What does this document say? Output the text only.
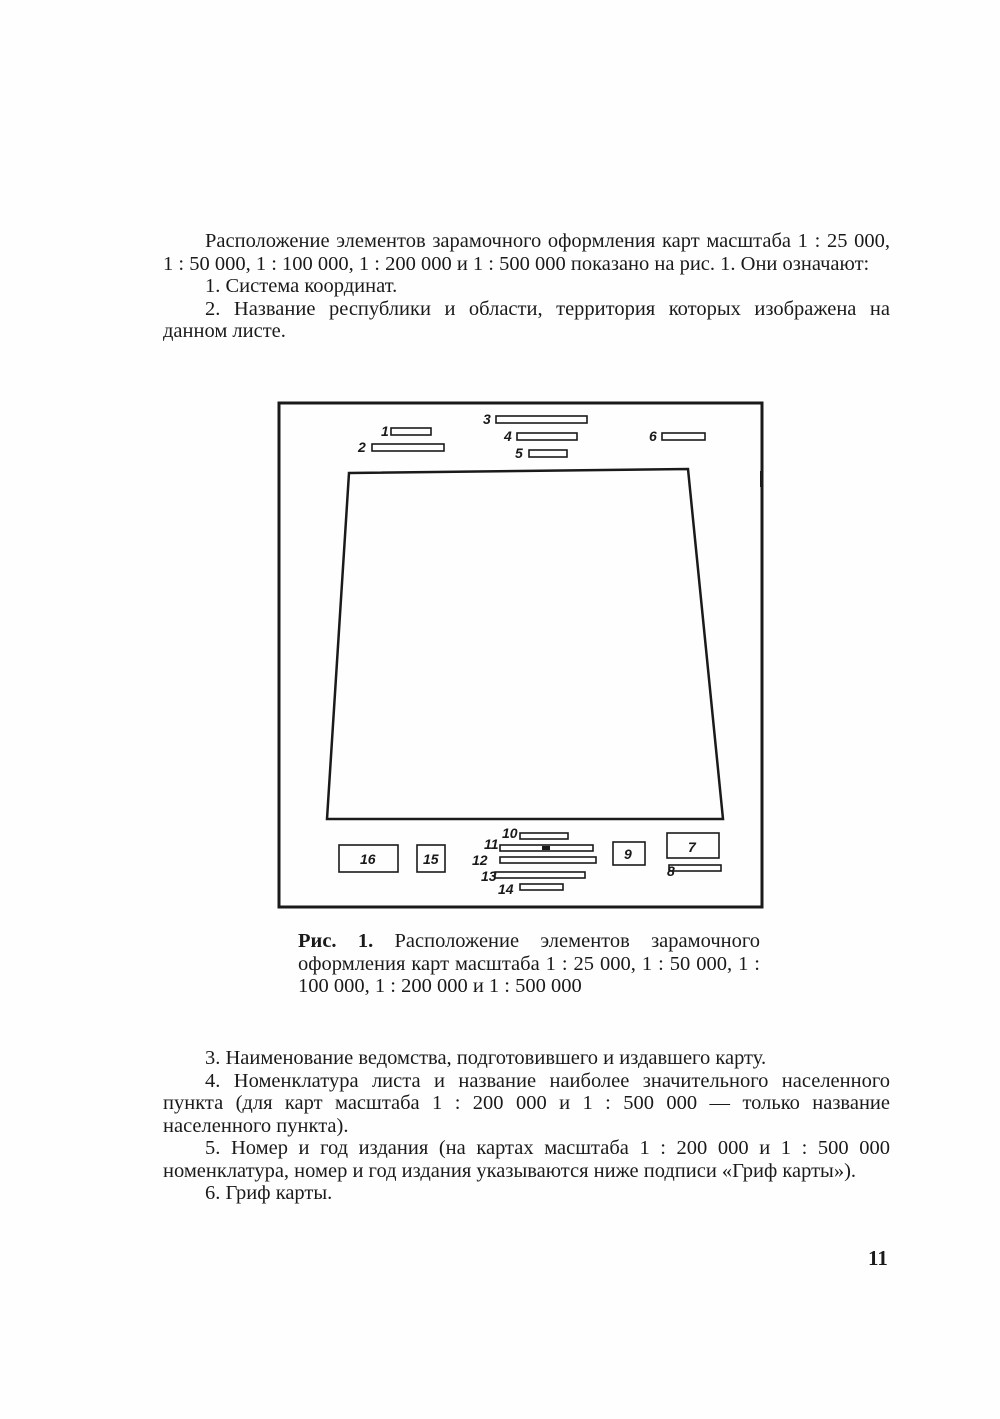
Расположение элементов зарамочного оформления карт масштаба 1 : 25 000, 1 : 50 000, 1 : 100 000, 1 : 200 000 и 1 : 500 000 показано на рис. 1. Они означают:

1. Система координат.

2. Название республики и области, территория которых изображена на данном листе.

1
2
3
4
5
6
7
8
9
10
11
12
13
14
15
16

Рис. 1. Расположение элементов зарамочного оформления карт масштаба 1 : 25 000, 1 : 50 000, 1 : 100 000, 1 : 200 000 и 1 : 500 000

3. Наименование ведомства, подготовившего и издавшего карту.

4. Номенклатура листа и название наиболее значительного населенного пункта (для карт масштаба 1 : 200 000 и 1 : 500 000 — только название населенного пункта).

5. Номер и год издания (на картах масштаба 1 : 200 000 и 1 : 500 000 номенклатура, номер и год издания указываются ниже подписи «Гриф карты»).

6. Гриф карты.

11
